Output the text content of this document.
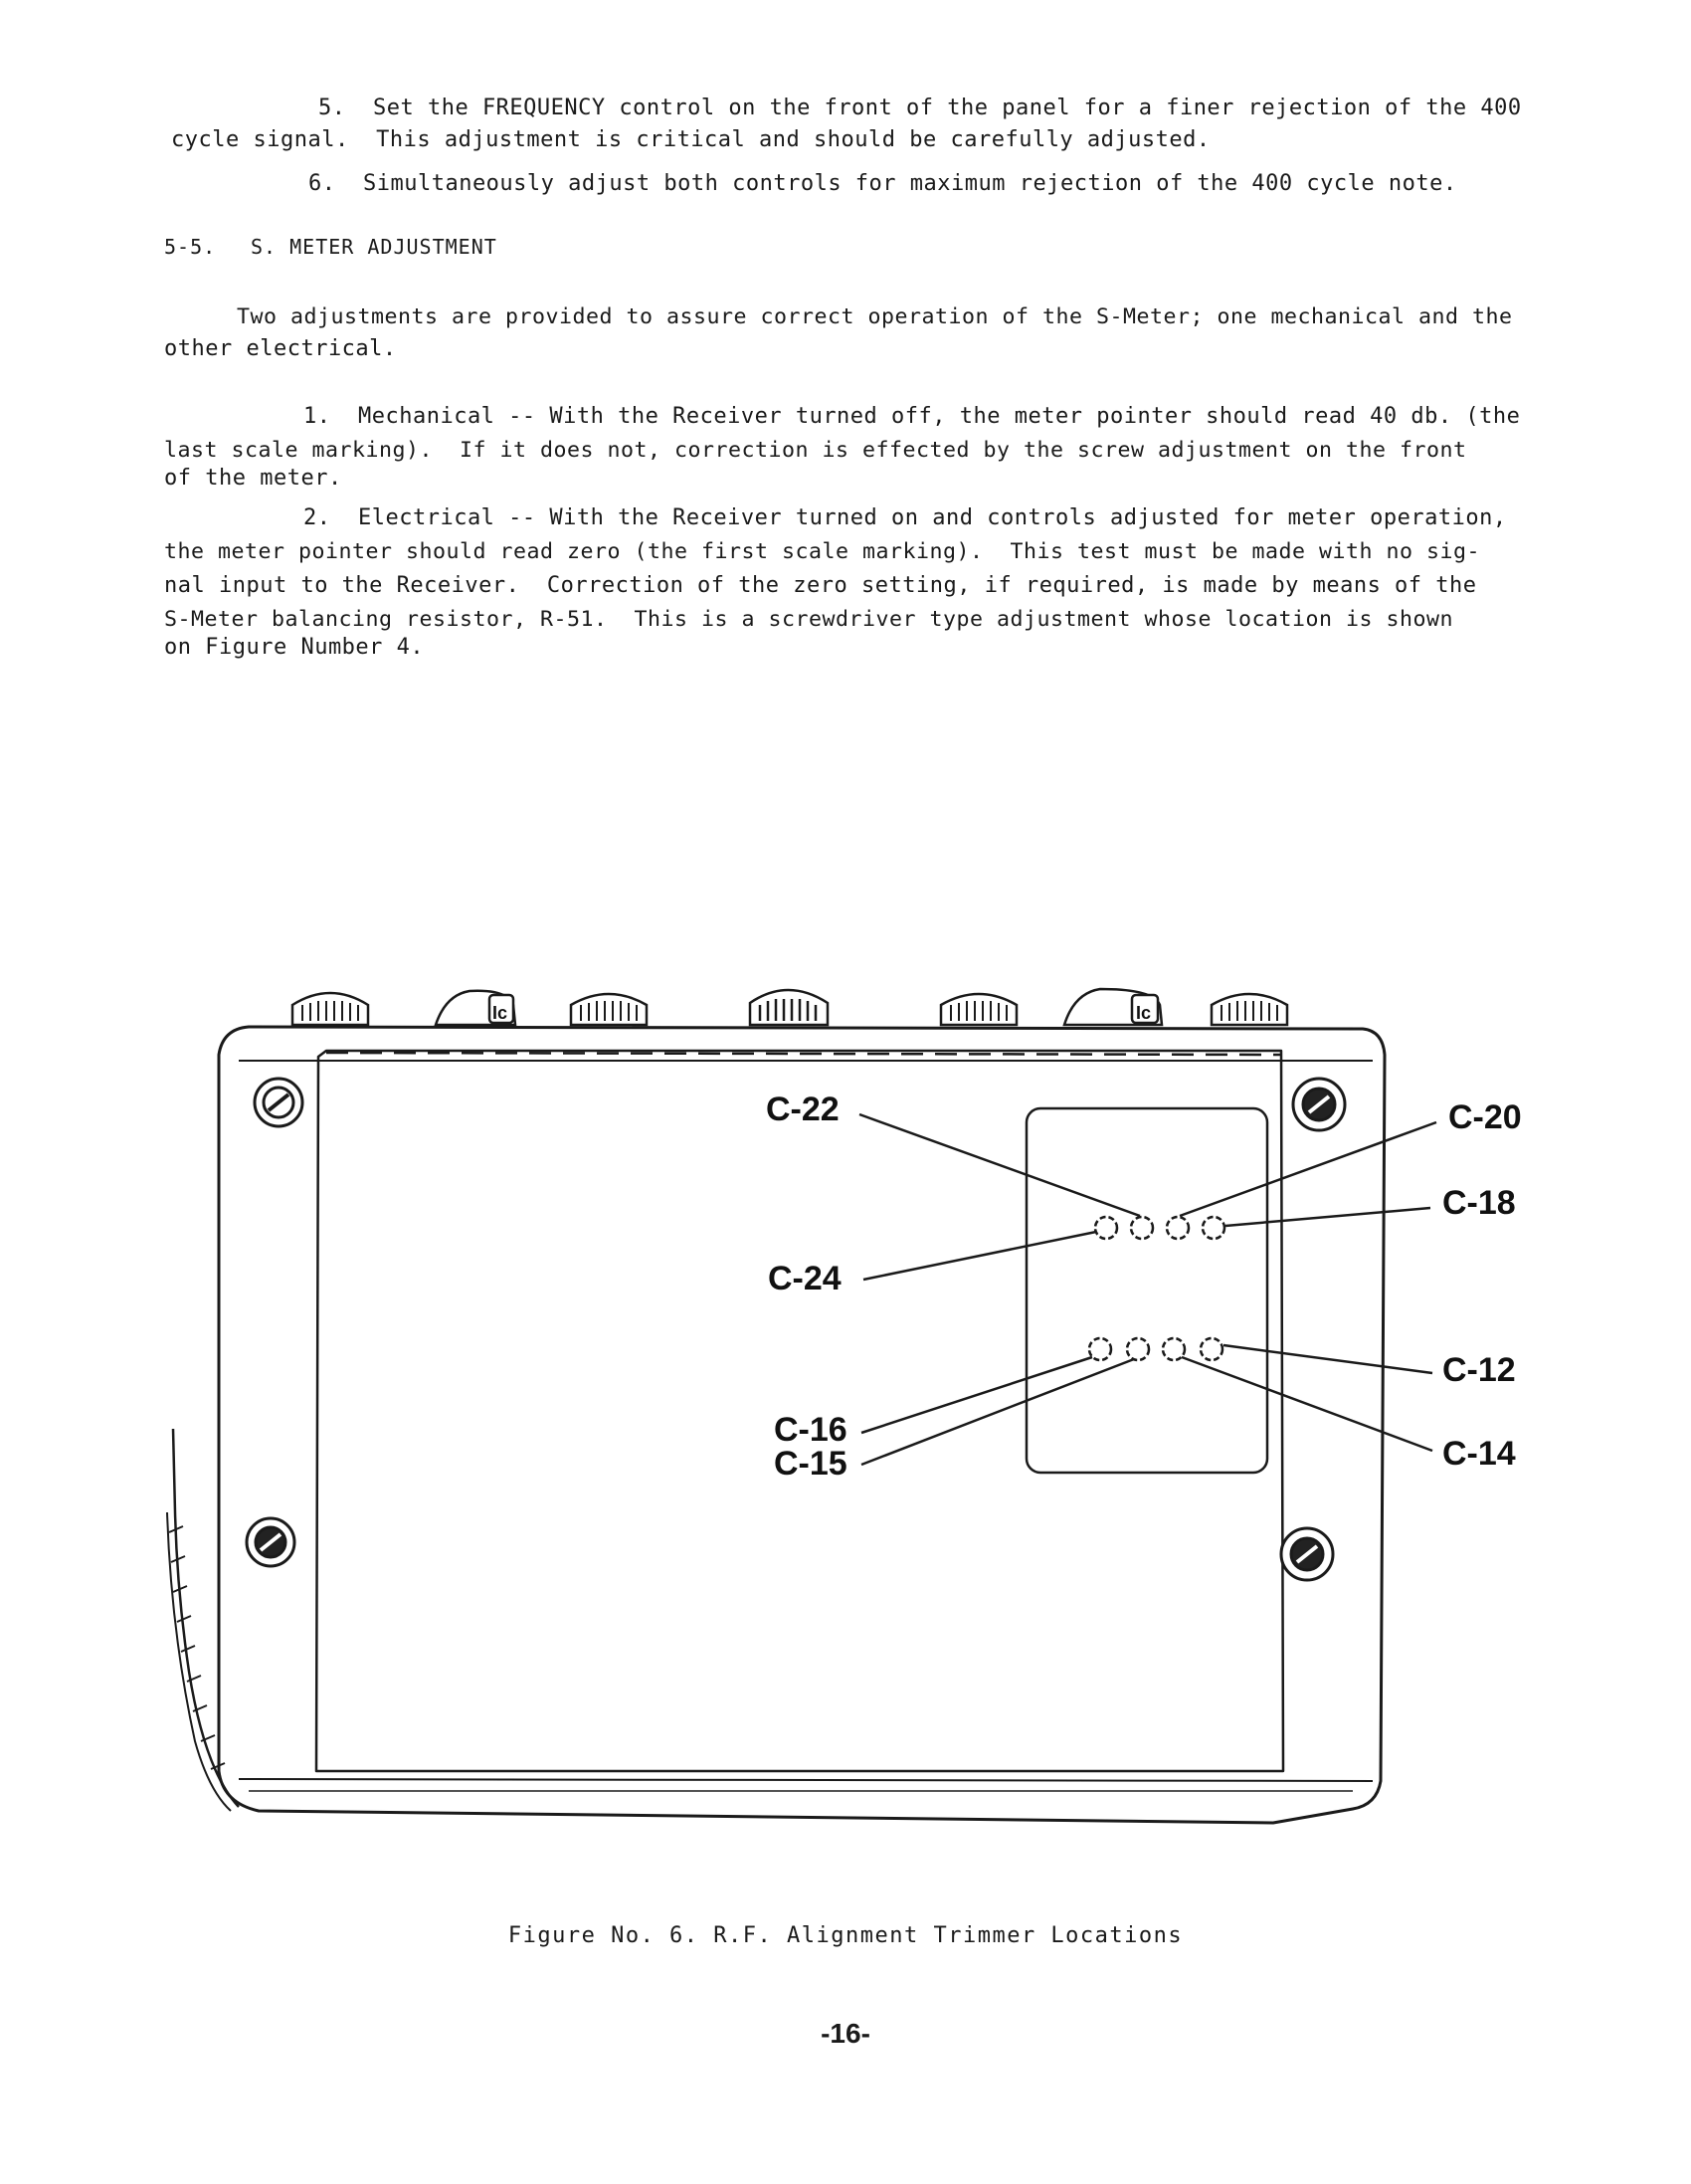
5.  Set the FREQUENCY control on the front of the panel for a finer rejection of the 400
cycle signal.  This adjustment is critical and should be carefully adjusted.
6.  Simultaneously adjust both controls for maximum rejection of the 400 cycle note.
5-5. S. METER ADJUSTMENT
Two adjustments are provided to assure correct operation of the S-Meter; one mechanical and the
other electrical.
1.  Mechanical -- With the Receiver turned off, the meter pointer should read 40 db. (the
last scale marking).  If it does not, correction is effected by the screw adjustment on the front
of the meter.
2.  Electrical -- With the Receiver turned on and controls adjusted for meter operation,
the meter pointer should read zero (the first scale marking).  This test must be made with no sig-
nal input to the Receiver.  Correction of the zero setting, if required, is made by means of the
S-Meter balancing resistor, R-51.  This is a screwdriver type adjustment whose location is shown
on Figure Number 4.
Ic	Ic
C-22	C-20
C-18
C-24
C-12
C-16
C-15	C-14
Figure No. 6. R.F. Alignment Trimmer Locations
-16-
